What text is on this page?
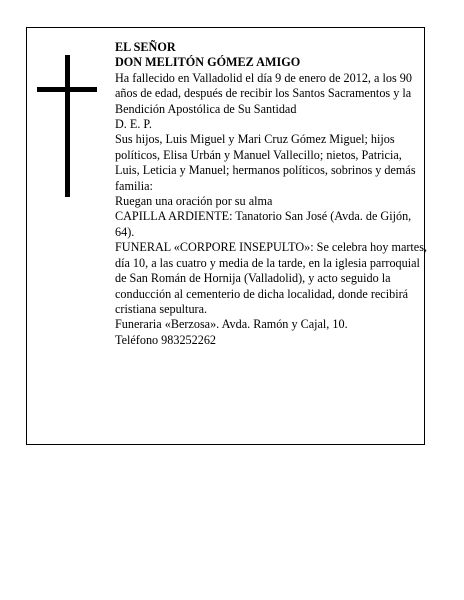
EL SEÑOR

DON MELITÓN GÓMEZ AMIGO

Ha fallecido en Valladolid el día 9 de enero de 2012, a los 90 años de edad, después de recibir los Santos Sacramentos y la Bendición Apostólica de Su Santidad

D. E. P.

Sus hijos, Luis Miguel y Mari Cruz Gómez Miguel; hijos políticos, Elisa Urbán y Manuel Vallecillo; nietos, Patricia, Luis, Leticia y Manuel; hermanos políticos, sobrinos y demás familia:

Ruegan una oración por su alma

CAPILLA ARDIENTE: Tanatorio San José (Avda. de Gijón, 64).

FUNERAL «CORPORE INSEPULTO»: Se celebra hoy martes, día 10, a las cuatro y media de la tarde, en la iglesia parroquial de San Román de Hornija (Valladolid), y acto seguido la conducción al cementerio de dicha localidad, donde recibirá cristiana sepultura.

Funeraria «Berzosa». Avda. Ramón y Cajal, 10.

Teléfono 983252262
